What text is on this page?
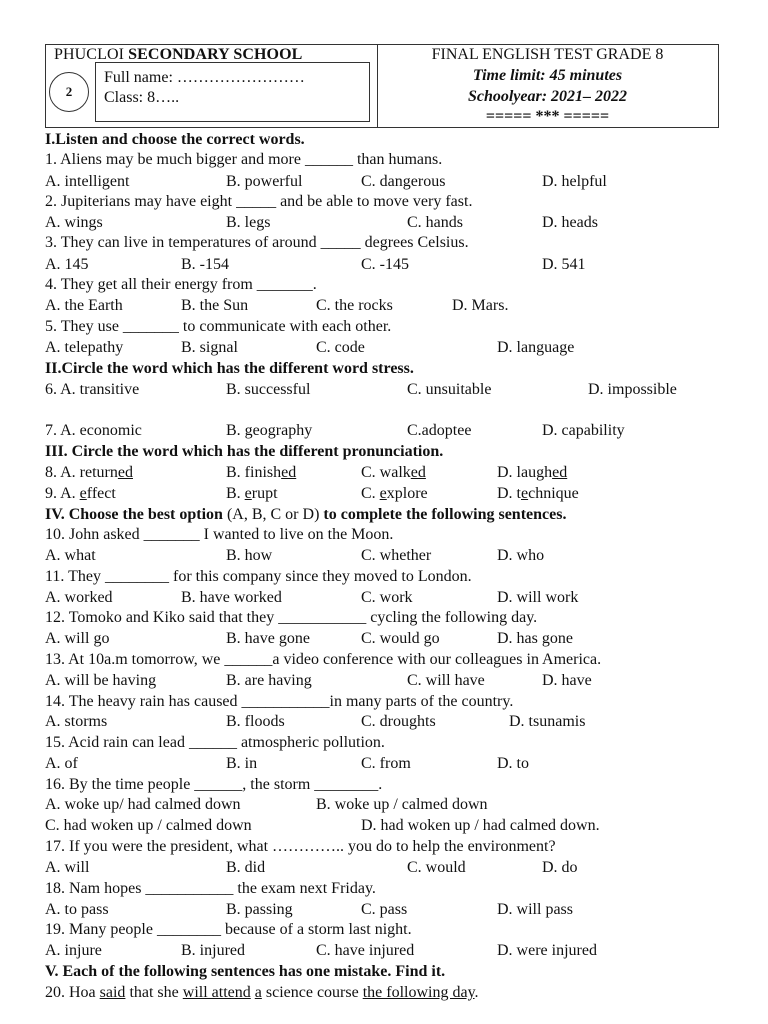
PHUCLOI SECONDARY SCHOOL
2
Full name: ……………………
Class: 8…..
FINAL ENGLISH TEST GRADE 8
Time limit: 45 minutes
Schoolyear: 2021– 2022
===== *** =====
I.Listen and choose the correct words.
1. Aliens may be much bigger and more ______ than humans.
A. intelligent	B. powerful	C. dangerous	D. helpful
2. Jupiterians may have eight _____ and be able to move very fast.
A. wings	B. legs	C. hands	D. heads
3. They can live in temperatures of around _____ degrees Celsius.
A. 145	B. -154	C. -145	D. 541
4. They get all their energy from _______.
A. the Earth	B. the Sun	C. the rocks	D. Mars.
5. They use _______ to communicate with each other.
A. telepathy	B. signal	C. code	D. language
II.Circle the word which has the different word stress.
6. A. transitive	B. successful	C. unsuitable	D. impossible
7. A. economic	B. geography	C.adoptee	D. capability
III. Circle the word which has the different pronunciation.
8. A. returned	B. finished	C. walked	D. laughed
9. A. effect	B. erupt	C. explore	D. technique
IV. Choose the best option (A, B, C or D) to complete the following sentences.
10. John asked _______ I wanted to live on the Moon.
A. what	B. how	C. whether	D. who
11. They ________ for this company since they moved to London.
A. worked	B. have worked	C. work	D. will work
12. Tomoko and Kiko said that they ___________ cycling the following day.
A. will go	B. have gone	C. would go	D. has gone
13. At 10a.m tomorrow, we ______a video conference with our colleagues in America.
A. will be having	B. are having	C. will have	D. have
14. The heavy rain has caused ___________in many parts of the country.
A. storms	B. floods	C. droughts	D. tsunamis
15. Acid rain can lead ______ atmospheric pollution.
A. of	B. in	C. from	D. to
16. By the time people ______, the storm ________.
A. woke up/ had calmed down	B. woke up / calmed down
C. had woken up / calmed down	D. had woken up / had calmed down.
17. If you were the president, what ………….. you do to help the environment?
A. will	B. did	C. would	D. do
18. Nam hopes ___________ the exam next Friday.
A. to pass	B. passing	C. pass	D. will pass
19. Many people ________ because of a storm last night.
A. injure	B. injured	C. have injured	D. were injured
V. Each of the following sentences has one mistake. Find it.
20. Hoa said that she will attend a science course the following day.
